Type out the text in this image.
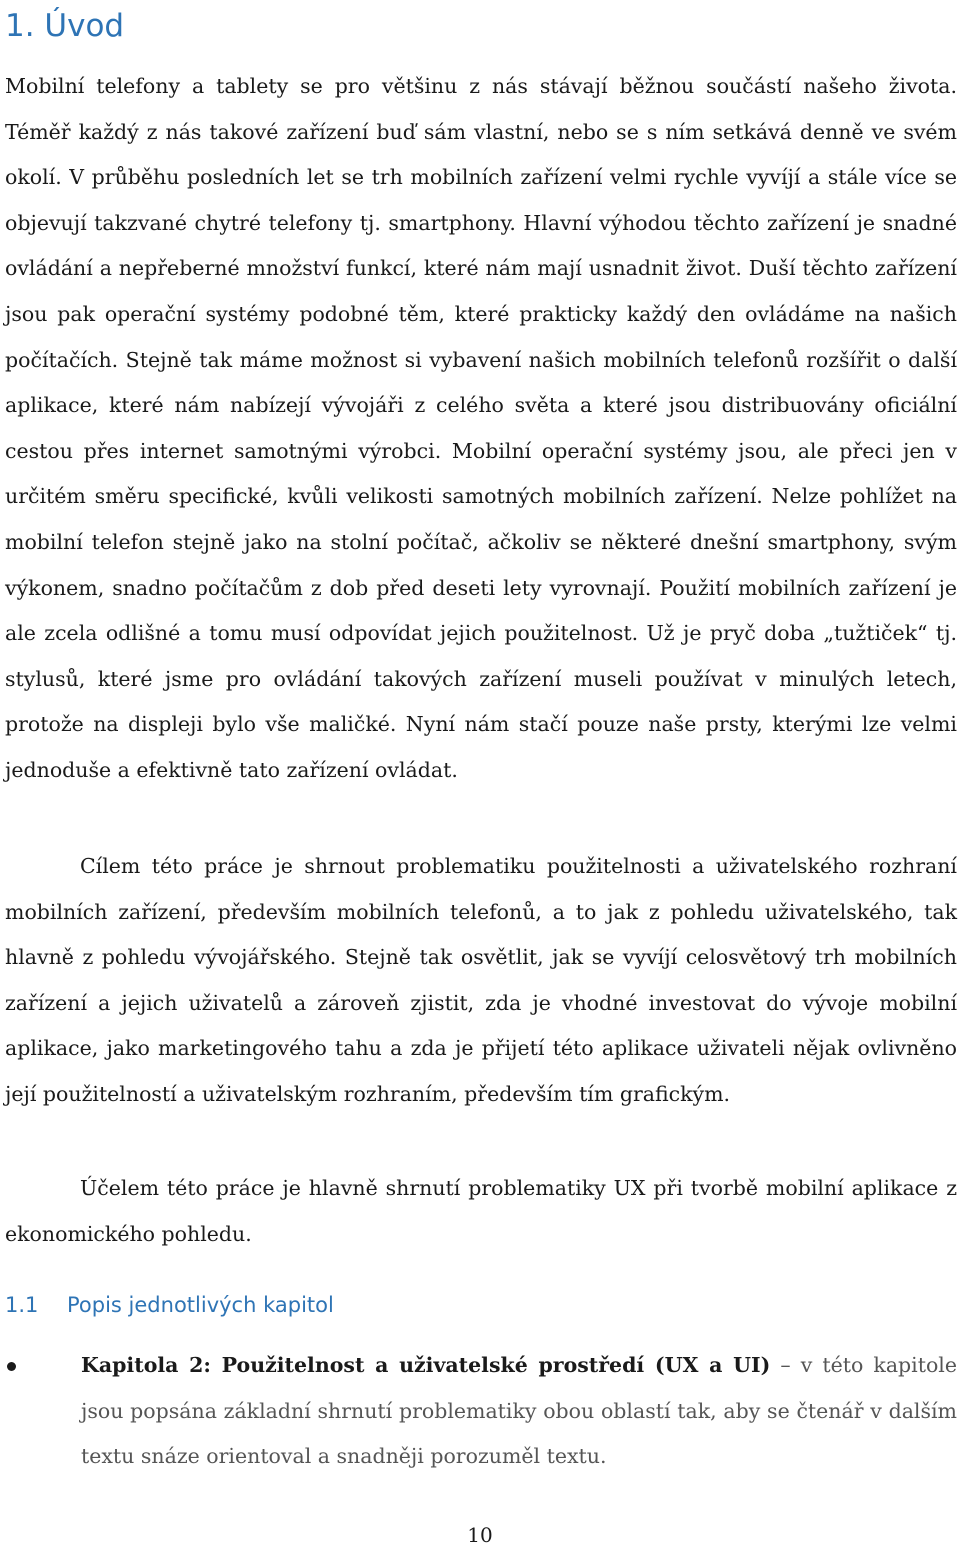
1. Úvod

Mobilní telefony a tablety se pro většinu z nás stávají běžnou součástí našeho života. Téměř každý z nás takové zařízení buď sám vlastní, nebo se s ním setkává denně ve svém okolí. V průběhu posledních let se trh mobilních zařízení velmi rychle vyvíjí a stále více se objevují takzvané chytré telefony tj. smartphony. Hlavní výhodou těchto zařízení je snadné ovládání a nepřeberné množství funkcí, které nám mají usnadnit život. Duší těchto zařízení jsou pak operační systémy podobné těm, které prakticky každý den ovládáme na našich počítačích. Stejně tak máme možnost si vybavení našich mobilních telefonů rozšířit o další aplikace, které nám nabízejí vývojáři z celého světa a které jsou distribuovány oficiální cestou přes internet samotnými výrobci. Mobilní operační systémy jsou, ale přeci jen v určitém směru specifické, kvůli velikosti samotných mobilních zařízení. Nelze pohlížet na mobilní telefon stejně jako na stolní počítač, ačkoliv se některé dnešní smartphony, svým výkonem, snadno počítačům z dob před deseti lety vyrovnají. Použití mobilních zařízení je ale zcela odlišné a tomu musí odpovídat jejich použitelnost. Už je pryč doba „tužtiček“ tj. stylusů, které jsme pro ovládání takových zařízení museli používat v minulých letech, protože na displeji bylo vše maličké. Nyní nám stačí pouze naše prsty, kterými lze velmi jednoduše a efektivně tato zařízení ovládat.

Cílem této práce je shrnout problematiku použitelnosti a uživatelského rozhraní mobilních zařízení, především mobilních telefonů, a to jak z pohledu uživatelského, tak hlavně z pohledu vývojářského. Stejně tak osvětlit, jak se vyvíjí celosvětový trh mobilních zařízení a jejich uživatelů a zároveň zjistit, zda je vhodné investovat do vývoje mobilní aplikace, jako marketingového tahu a zda je přijetí této aplikace uživateli nějak ovlivněno její použitelností a uživatelským rozhraním, především tím grafickým.

Účelem této práce je hlavně shrnutí problematiky UX při tvorbě mobilní aplikace z ekonomického pohledu.

1.1 Popis jednotlivých kapitol
Kapitola 2: Použitelnost a uživatelské prostředí (UX a UI) – v této kapitole jsou popsána základní shrnutí problematiky obou oblastí tak, aby se čtenář v dalším textu snáze orientoval a snadněji porozuměl textu.
10
